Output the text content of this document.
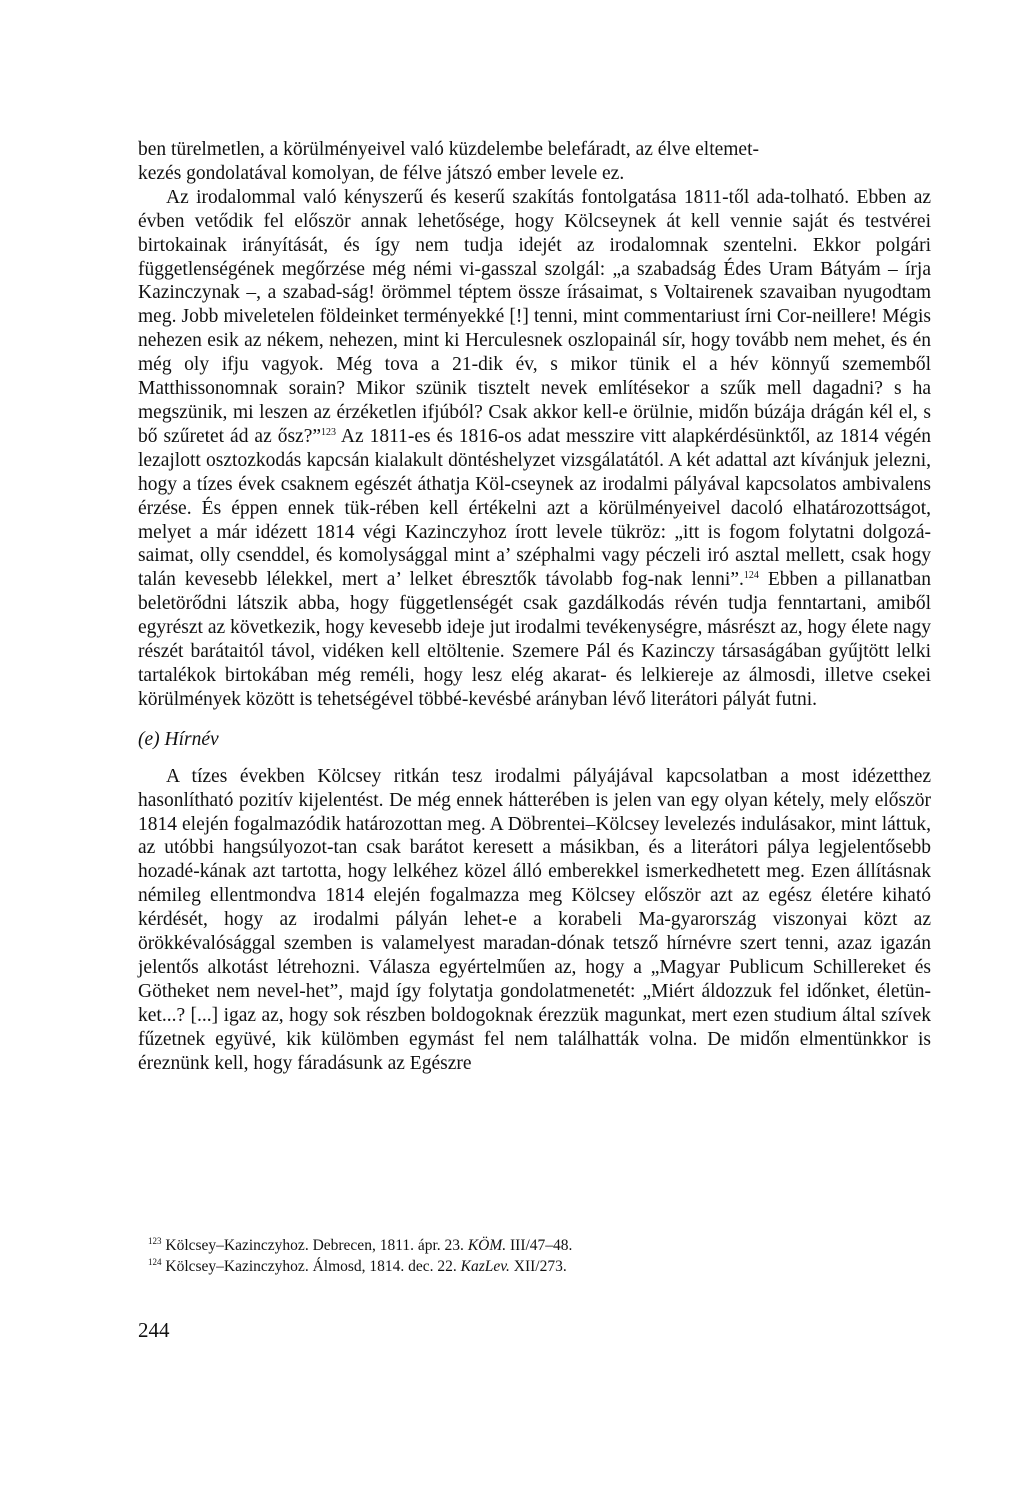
ben türelmetlen, a körülményeivel való küzdelembe belefáradt, az élve eltemet-
kezés gondolatával komolyan, de félve játszó ember levele ez.

Az irodalommal való kényszerű és keserű szakítás fontolgatása 1811-től ada-tolható. Ebben az évben vetődik fel először annak lehetősége, hogy Kölcseynek át kell vennie saját és testvérei birtokainak irányítását, és így nem tudja idejét az irodalomnak szentelni. Ekkor polgári függetlenségének megőrzése még némi vi-gasszal szolgál: „a szabadság Édes Uram Bátyám – írja Kazinczynak –, a szabad-ság! örömmel téptem össze írásaimat, s Voltairenek szavaiban nyugodtam meg. Jobb miveletelen földeinket terményekké [!] tenni, mint commentariust írni Cor-neillere! Mégis nehezen esik az nékem, nehezen, mint ki Herculesnek oszlopainál sír, hogy tovább nem mehet, és én még oly ifju vagyok. Még tova a 21-dik év, s mikor tünik el a hév könnyű szememből Matthissonomnak sorain? Mikor szünik tisztelt nevek említésekor a szűk mell dagadni? s ha megszünik, mi leszen az érzéketlen ifjúból? Csak akkor kell-e örülnie, midőn búzája drágán kél el, s bő szűretet ád az ősz?”$^{123}$ Az 1811-es és 1816-os adat messzire vitt alapkérdésünktől, az 1814 végén lezajlott osztozkodás kapcsán kialakult döntéshelyzet vizsgálatától. A két adattal azt kívánjuk jelezni, hogy a tízes évek csaknem egészét áthatja Köl-cseynek az irodalmi pályával kapcsolatos ambivalens érzése. És éppen ennek tük-rében kell értékelni azt a körülményeivel dacoló elhatározottságot, melyet a már idézett 1814 végi Kazinczyhoz írott levele tükröz: „itt is fogom folytatni dolgozá-saimat, olly csenddel, és komolysággal mint a’ széphalmi vagy péczeli iró asztal mellett, csak hogy talán kevesebb lélekkel, mert a’ lelket ébresztők távolabb fog-nak lenni”.$^{124}$ Ebben a pillanatban beletörődni látszik abba, hogy függetlenségét csak gazdálkodás révén tudja fenntartani, amiből egyrészt az következik, hogy kevesebb ideje jut irodalmi tevékenységre, másrészt az, hogy élete nagy részét barátaitól távol, vidéken kell eltöltenie. Szemere Pál és Kazinczy társaságában gyűjtött lelki tartalékok birtokában még reméli, hogy lesz elég akarat- és lelkiereje az álmosdi, illetve csekei körülmények között is tehetségével többé-kevésbé arányban lévő literátori pályát futni.

(e) Hírnév

A tízes években Kölcsey ritkán tesz irodalmi pályájával kapcsolatban a most idézetthez hasonlítható pozitív kijelentést. De még ennek hátterében is jelen van egy olyan kétely, mely először 1814 elején fogalmazódik határozottan meg. A Döbrentei–Kölcsey levelezés indulásakor, mint láttuk, az utóbbi hangsúlyozot-tan csak barátot keresett a másikban, és a literátori pálya legjelentősebb hozadé-kának azt tartotta, hogy lelkéhez közel álló emberekkel ismerkedhetett meg. Ezen állításnak némileg ellentmondva 1814 elején fogalmazza meg Kölcsey először azt az egész életére kiható kérdését, hogy az irodalmi pályán lehet-e a korabeli Ma-gyarország viszonyai közt az örökkévalósággal szemben is valamelyest maradan-dónak tetsző hírnévre szert tenni, azaz igazán jelentős alkotást létrehozni. Válasza egyértelműen az, hogy a „Magyar Publicum Schillereket és Götheket nem nevel-het”, majd így folytatja gondolatmenetét: „Miért áldozzuk fel időnket, életün-ket...? [...] igaz az, hogy sok részben boldogoknak érezzük magunkat, mert ezen studium által szívek fűzetnek együvé, kik külömben egymást fel nem találhatták volna. De midőn elmentünkkor is éreznünk kell, hogy fáradásunk az Egészre

$^{123}$ Kölcsey–Kazinczyhoz. Debrecen, 1811. ápr. 23. KÖM. III/47–48.

$^{124}$ Kölcsey–Kazinczyhoz. Álmosd, 1814. dec. 22. KazLev. XII/273.

244
